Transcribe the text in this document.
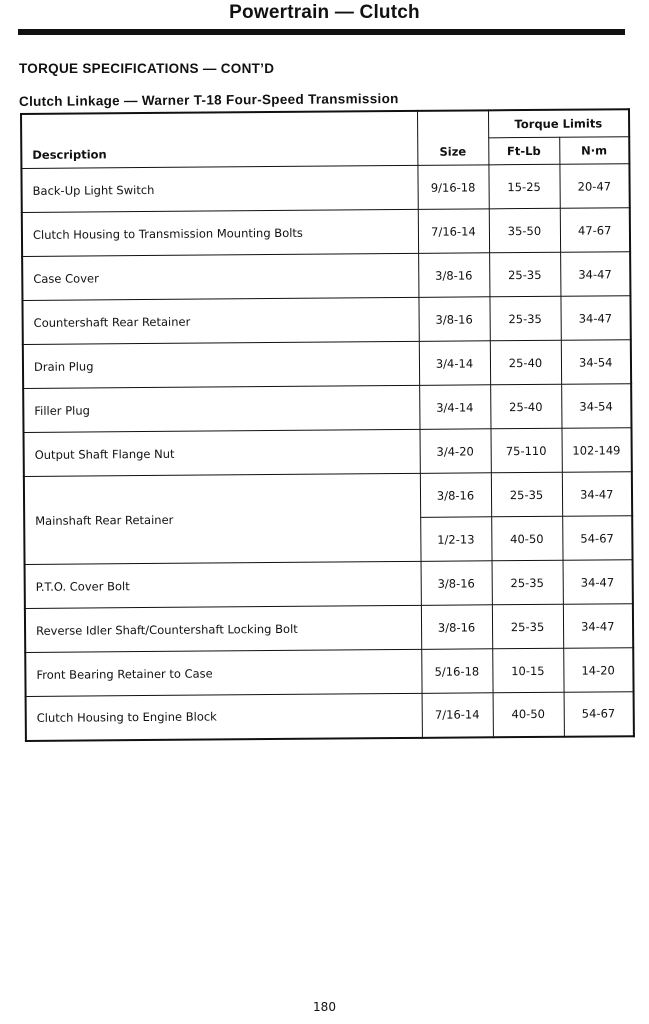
Powertrain — Clutch
TORQUE SPECIFICATIONS — CONT’D
Clutch Linkage — Warner T-18 Four-Speed Transmission
Description	Size	Torque Limits	
		Ft-Lb	N·m
Back-Up Light Switch	9/16-18	15-25	20-47
Clutch Housing to Transmission Mounting Bolts	7/16-14	35-50	47-67
Case Cover	3/8-16	25-35	34-47
Countershaft Rear Retainer	3/8-16	25-35	34-47
Drain Plug	3/4-14	25-40	34-54
Filler Plug	3/4-14	25-40	34-54
Output Shaft Flange Nut	3/4-20	75-110	102-149
Mainshaft Rear Retainer	3/8-16	25-35	34-47
	1/2-13	40-50	54-67
P.T.O. Cover Bolt	3/8-16	25-35	34-47
Reverse Idler Shaft/Countershaft Locking Bolt	3/8-16	25-35	34-47
Front Bearing Retainer to Case	5/16-18	10-15	14-20
Clutch Housing to Engine Block	7/16-14	40-50	54-67
180
